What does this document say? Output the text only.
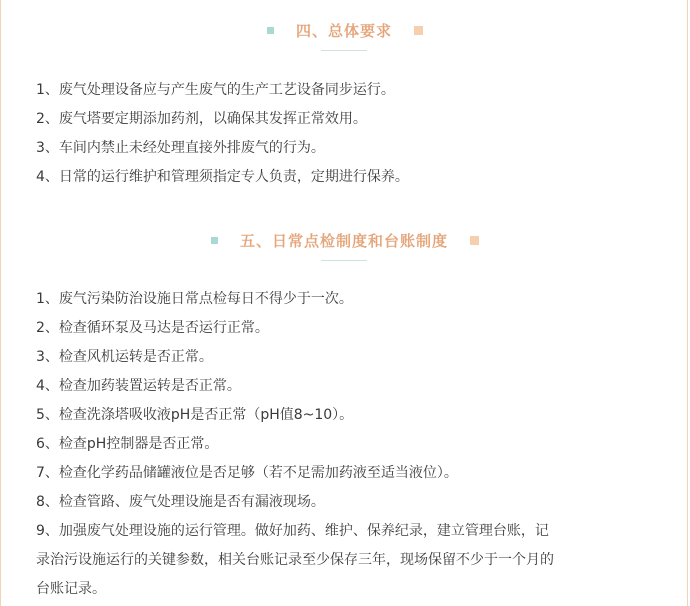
四、总体要求
1、废气处理设备应与产生废气的生产工艺设备同步运行。
2、废气塔要定期添加药剂，以确保其发挥正常效用。
3、车间内禁止未经处理直接外排废气的行为。
4、日常的运行维护和管理须指定专人负责，定期进行保养。
五、日常点检制度和台账制度
1、废气污染防治设施日常点检每日不得少于一次。
2、检查循环泵及马达是否运行正常。
3、检查风机运转是否正常。
4、检查加药装置运转是否正常。
5、检查洗涤塔吸收液pH是否正常（pH值8~10）。
6、检查pH控制器是否正常。
7、检查化学药品储罐液位是否足够（若不足需加药液至适当液位）。
8、检查管路、废气处理设施是否有漏液现场。
9、加强废气处理设施的运行管理。做好加药、维护、保养纪录，建立管理台账，记
录治污设施运行的关键参数，相关台账记录至少保存三年，现场保留不少于一个月的
台账记录。
